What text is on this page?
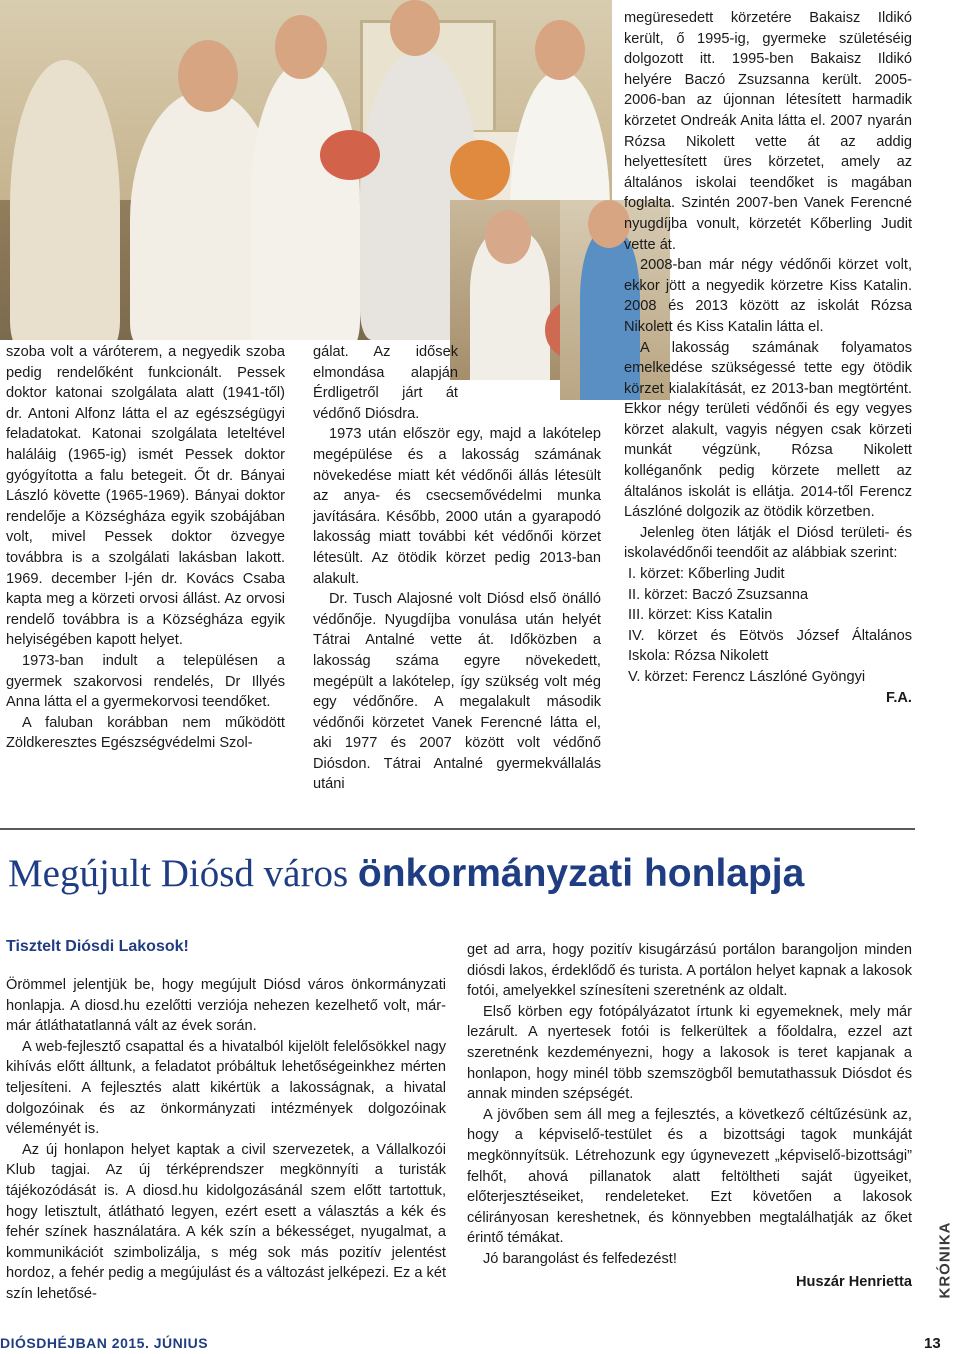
szoba volt a váróterem, a negyedik szoba pedig rendelőként funkcionált. Pessek doktor katonai szolgálata alatt (1941-től) dr. Antoni Alfonz látta el az egészségügyi feladatokat. Katonai szolgálata leteltével haláláig (1965-ig) ismét Pessek doktor gyógyította a falu betegeit. Őt dr. Bányai László követte (1965-1969). Bányai doktor rendelője a Községháza egyik szobájában volt, mivel Pessek doktor özvegye továbbra is a szolgálati lakásban lakott. 1969. december l-jén dr. Kovács Csaba kapta meg a körzeti orvosi állást. Az orvosi rendelő továbbra is a Községháza egyik helyiségében kapott helyet.

1973-ban indult a településen a gyermek szakorvosi rendelés, Dr Illyés Anna látta el a gyermekorvosi teendőket.

A faluban korábban nem működött Zöldkeresztes Egészségvédelmi Szol-

gálat. Az idősek elmondása alapján Érdligetről járt át védőnő Diósdra.

1973 után először egy, majd a lakótelep megépülése és a lakosság számának növekedése miatt két védőnői állás létesült az anya- és csecsemővédelmi munka javítására. Később, 2000 után a gyarapodó lakosság miatt további két védőnői körzet létesült. Az ötödik körzet pedig 2013-ban alakult.

Dr. Tusch Alajosné volt Diósd első önálló védőnője. Nyugdíjba vonulása után helyét Tátrai Antalné vette át. Időközben a lakosság száma egyre növekedett, megépült a lakótelep, így szükség volt még egy védőnőre. A megalakult második védőnői körzetet Vanek Ferencné látta el, aki 1977 és 2007 között volt védőnő Diósdon. Tátrai Antalné gyermekvállalás utáni

megüresedett körzetére Bakaisz Ildikó került, ő 1995-ig, gyermeke születéséig dolgozott itt. 1995-ben Bakaisz Ildikó helyére Baczó Zsuzsanna került. 2005-2006-ban az újonnan létesített harmadik körzetet Ondreák Anita látta el. 2007 nyarán Rózsa Nikolett vette át az addig helyettesített üres körzetet, amely az általános iskolai teendőket is magában foglalta. Szintén 2007-ben Vanek Ferencné nyugdíjba vonult, körzetét Kőberling Judit vette át.

2008-ban már négy védőnői körzet volt, ekkor jött a negyedik körzetre Kiss Katalin. 2008 és 2013 között az iskolát Rózsa Nikolett és Kiss Katalin látta el.

A lakosság számának folyamatos emelkedése szükségessé tette egy ötödik körzet kialakítását, ez 2013-ban megtörtént. Ekkor négy területi védőnői és egy vegyes körzet alakult, vagyis négyen csak körzeti munkát végzünk, Rózsa Nikolett kolléganőnk pedig körzete mellett az általános iskolát is ellátja. 2014-től Ferencz Lászlóné dolgozik az ötödik körzetben.

Jelenleg öten látják el Diósd területi- és iskolavédőnői teendőit az alábbiak szerint:

I. körzet: Kőberling Judit
II. körzet: Baczó Zsuzsanna
III. körzet: Kiss Katalin
IV. körzet és Eötvös József Általános Iskola: Rózsa Nikolett
V. körzet: Ferencz Lászlóné Gyöngyi
F.A.
Megújult Diósd város önkormányzati honlapja
Tisztelt Diósdi Lakosok!

Örömmel jelentjük be, hogy megújult Diósd város önkormányzati honlapja. A diosd.hu ezelőtti verziója nehezen kezelhető volt, már-már átláthatatlanná vált az évek során.

A web-fejlesztő csapattal és a hivatalból kijelölt felelősökkel nagy kihívás előtt álltunk, a feladatot próbáltuk lehetőségeinkhez mérten teljesíteni. A fejlesztés alatt kikértük a lakosságnak, a hivatal dolgozóinak és az önkormányzati intézmények dolgozóinak véleményét is.

Az új honlapon helyet kaptak a civil szervezetek, a Vállalkozói Klub tagjai. Az új térképrendszer megkönnyíti a turisták tájékozódását is. A diosd.hu kidolgozásánál szem előtt tartottuk, hogy letisztult, átlátható legyen, ezért esett a választás a kék és fehér színek használatára. A kék szín a békességet, nyugalmat, a kommunikációt szimbolizálja, s még sok más pozitív jelentést hordoz, a fehér pedig a megújulást és a változást jelképezi. Ez a két szín lehetősé-

get ad arra, hogy pozitív kisugárzású portálon barangoljon minden diósdi lakos, érdeklődő és turista. A portálon helyet kapnak a lakosok fotói, amelyekkel színesíteni szeretnénk az oldalt.

Első körben egy fotópályázatot írtunk ki egyemeknek, mely már lezárult. A nyertesek fotói is felkerültek a főoldalra, ezzel azt szeretnénk kezdeményezni, hogy a lakosok is teret kapjanak a honlapon, hogy minél több szemszögből bemutathassuk Diósdot és annak minden szépségét.

A jövőben sem áll meg a fejlesztés, a következő céltűzésünk az, hogy a képviselő-testület és a bizottsági tagok munkáját megkönnyítsük. Létrehozunk egy úgynevezett „képviselő-bizottsági” felhőt, ahová pillanatok alatt feltöltheti saját ügyeiket, előterjesztéseiket, rendeleteket. Ezt követően a lakosok célirányosan kereshetnek, és könnyebben megtalálhatják az őket érintő témákat.

Jó barangolást és felfedezést!

Huszár Henrietta KRÓNIKA
DIÓSDHÉJBAN 2015. JÚNIUS	13
